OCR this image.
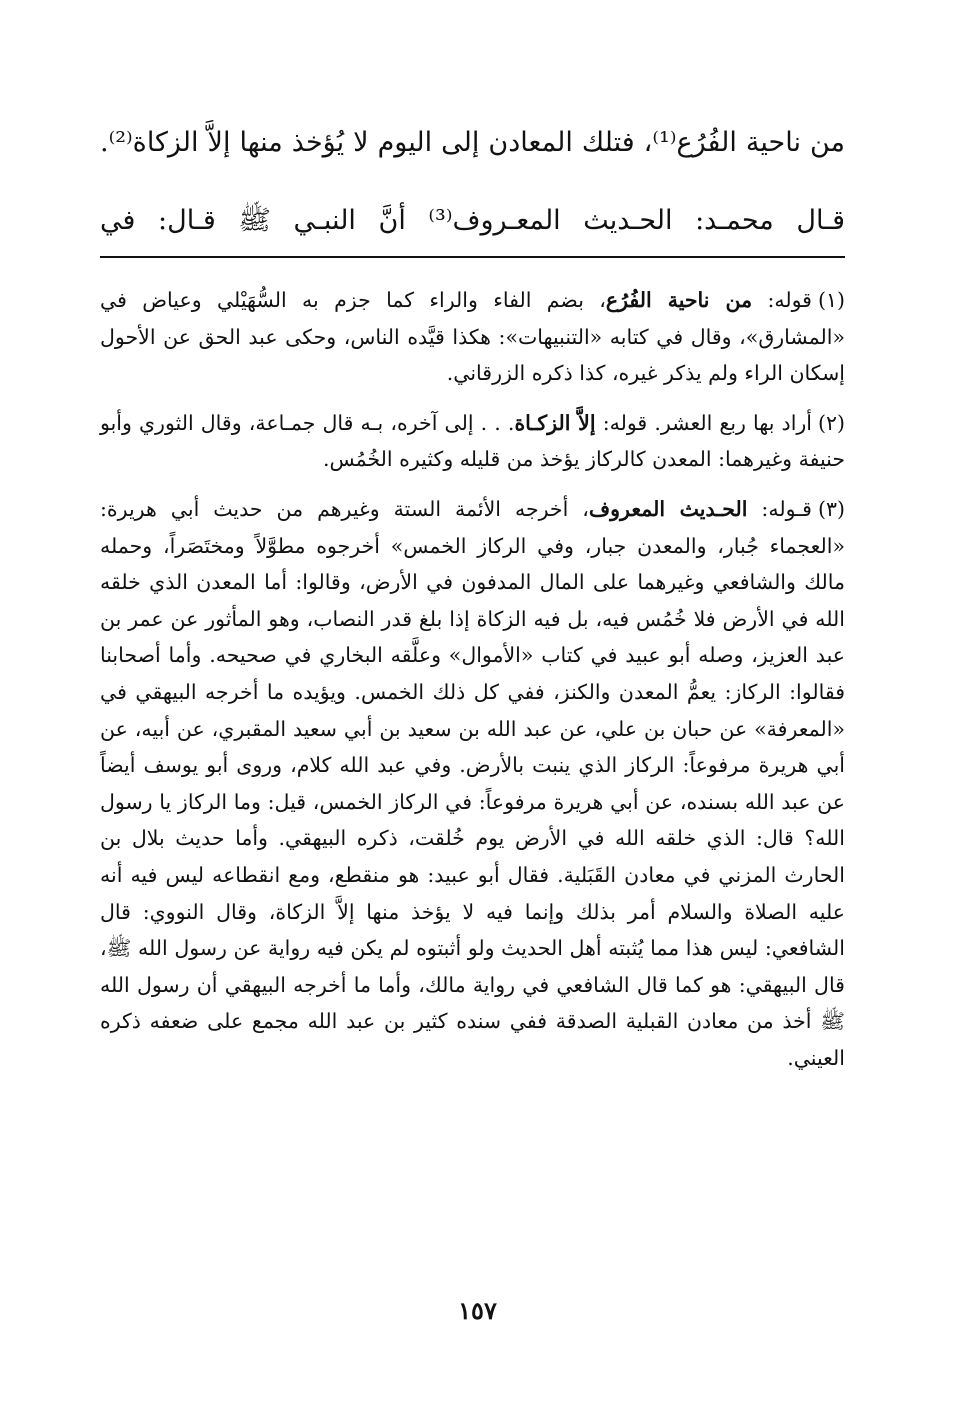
من ناحية الفُرُع⁽¹⁾، فتلك المعادن إلى اليوم لا يُؤخذ منها إلاَّ الزكاة⁽²⁾.

قـال محمـد: الحـديث المعـروف⁽³⁾ أنَّ النبـي ﷺ قـال: في

(١)قوله: من ناحية الفُرُع، بضم الفاء والراء كما جزم به السُّهَيْلي وعياض في «المشارق»، وقال في كتابه «التنبيهات»: هكذا قيَّده الناس، وحكى عبد الحق عن الأحول إسكان الراء ولم يذكر غيره، كذا ذكره الزرقاني.

(٢)أراد بها ربع العشر. قوله: إلاَّ الزكـاة. . . إلى آخره، بـه قال جمـاعة، وقال الثوري وأبو حنيفة وغيرهما: المعدن كالركاز يؤخذ من قليله وكثيره الخُمُس.

(٣)قـوله: الحـديث المعروف، أخرجه الأئمة الستة وغيرهم من حديث أبي هريرة: «العجماء جُبار، والمعدن جبار، وفي الركاز الخمس» أخرجوه مطوَّلاً ومختَصَراً، وحمله مالك والشافعي وغيرهما على المال المدفون في الأرض، وقالوا: أما المعدن الذي خلقه الله في الأرض فلا خُمُس فيه، بل فيه الزكاة إذا بلغ قدر النصاب، وهو المأثور عن عمر بن عبد العزيز، وصله أبو عبيد في كتاب «الأموال» وعلَّقه البخاري في صحيحه. وأما أصحابنا فقالوا: الركاز: يعمُّ المعدن والكنز، ففي كل ذلك الخمس. ويؤيده ما أخرجه البيهقي في «المعرفة» عن حبان بن علي، عن عبد الله بن سعيد بن أبي سعيد المقبري، عن أبيه، عن أبي هريرة مرفوعاً: الركاز الذي ينبت بالأرض. وفي عبد الله كلام، وروى أبو يوسف أيضاً عن عبد الله بسنده، عن أبي هريرة مرفوعاً: في الركاز الخمس، قيل: وما الركاز يا رسول الله؟ قال: الذي خلقه الله في الأرض يوم خُلقت، ذكره البيهقي. وأما حديث بلال بن الحارث المزني في معادن القَبَلية. فقال أبو عبيد: هو منقطع، ومع انقطاعه ليس فيه أنه عليه الصلاة والسلام أمر بذلك وإنما فيه لا يؤخذ منها إلاَّ الزكاة، وقال النووي: قال الشافعي: ليس هذا مما يُثبته أهل الحديث ولو أثبتوه لم يكن فيه رواية عن رسول الله ﷺ، قال البيهقي: هو كما قال الشافعي في رواية مالك، وأما ما أخرجه البيهقي أن رسول الله ﷺ أخذ من معادن القبلية الصدقة ففي سنده كثير بن عبد الله مجمع على ضعفه ذكره العيني.

١٥٧
